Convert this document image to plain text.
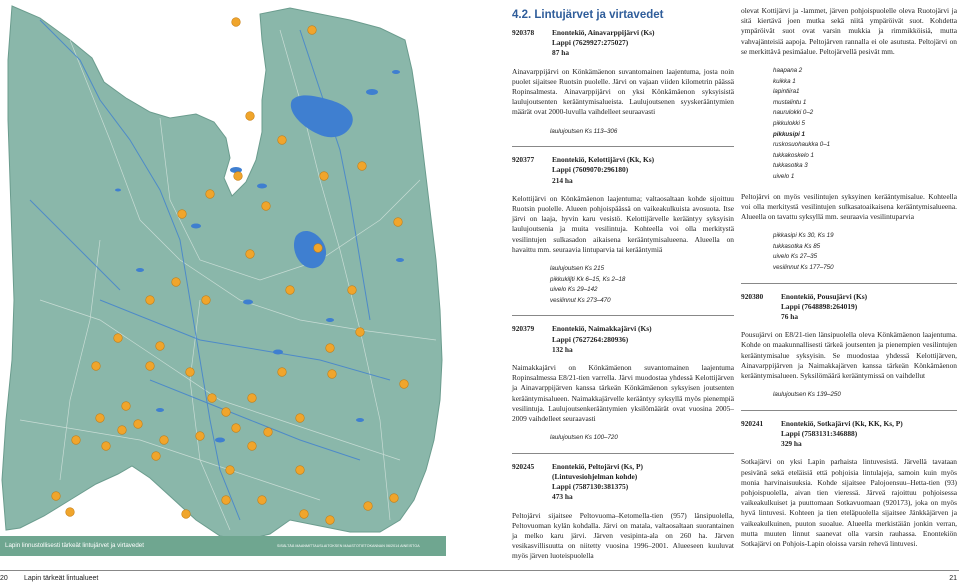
Lapin linnustollisesti tärkeät lintujärvet ja virtavedet	SISÄLTÄÄ MAANMITTAUSLAITOKSEN MAASTOTIETOKANNAN 06/2014 AINEISTOA
4.2. Lintujärvet ja virtavedet
920378	Enontekiö, Ainavarppijärvi (Ks)
Lappi (7629927:275027)
87 ha

Ainavarppijärvi on Könkämäenon suvantomainen laajentuma, josta noin puolet sijaitsee Ruotsin puolelle. Järvi on vajaan viiden kilometrin päässä Ropinsalmesta. Ainavarppijärvi on yksi Könkämäenon syksyisistä laulujoutsenten kerääntymisalueista. Laulujoutsenen syyskerääntymien määrät ovat 2000-luvulla vaihdelleet seuraavasti

laulujoutsen Ks 113–306
920377	Enontekiö, Kelottijärvi (Kk, Ks)
Lappi (7609070:296180)
214 ha

Kelottijärvi on Könkämäenon laajentuma; valtaosaltaan kohde sijoittuu Ruotsin puolelle. Alueen pohjoispäässä on vaikeakulkuista avosuota. Itse järvi on laaja, hyvin karu vesistö. Kelottijärvelle kerääntyy syksyisin laulujoutsenia ja muita vesilintuja. Kohteella voi olla merkitystä vesilintujen sulkasadon aikaisena kerääntymisalueena. Alueella on havaittu mm. seuraavia lintuparvia tai kerääntymiä

laulujoutsen Ks 215
pikkukiljti Kk 6–15, Ks 2–18
uivelo Ks 29–142
vesilinnut Ks 273–470
920379	Enontekiö, Naimakkajärvi (Ks)
Lappi (7627264:280936)
132 ha

Naimakkajärvi on Könkämäenon suvantomainen laajentuma Ropinsalmessa E8/21-tien varrella. Järvi muodostaa yhdessä Kelottijärven ja Ainavarppijärven kanssa tärkeän Könkämäenon syksyisen joutsenten kerääntymisalueen. Naimakkajärvelle kerääntyy syksyllä myös pienempiä vesilintuja. Laulujoutsenkerääntymien yksilömäärät ovat vuosina 2005–2009 vaihdelleet seuraavasti

laulujoutsen Ks 100–720
920245	Enontekiö, Peltojärvi (Ks, P)
(Lintuvesiohjelman kohde)
Lappi (7587130:381375)
473 ha

Peltojärvi sijaitsee Peltovuoma–Ketomella-tien (957) länsipuolella, Peltovuoman kylän kohdalla. Järvi on matala, valtaosaltaan suorantainen ja melko karu järvi. Järven vesipinta-ala on 260 ha. Järven vesikasvillisuutta on niitetty vuosina 1996–2001. Alueeseen kuuluvat myös järven luoteispuolella

olevat Kottijärvi ja -lammet, järven pohjoispuolelle oleva Ruotojärvi ja sitä kiertävä joen mutka sekä niitä ympäröivät suot. Kohdetta ympäröivät suot ovat varsin mukkia ja rimmikköisiä, mutta vahvajänteisiä aapoja. Peltojärven rannalla ei ole asutusta. Peltojärvi on se merkittävä pesimäalue. Peltojärvellä pesivät mm.

haapana 2
kuikka 1
lapintiira1
mustalintu 1
naurulokki 0–2
pikkulokki 5
pikkusipi 1
ruskosuohaukka 0–1
tukkakoskelo 1
tukkasotka 3
uivelo 1

Peltojärvi on myös vesilintujen syksyinen kerääntymisalue. Kohteella voi olla merkitystä vesilintujen sulkasatoaikaisena kerääntymisalueena. Alueella on tavattu syksyllä mm. seuraavia vesilintuparvia

pikkasipi Ks 30, Ks 19
tukkasotka Ks 85
uivelo Ks 27–35
vesilinnut Ks 177–750
920380	Enontekiö, Pousujärvi (Ks)
Lappi (7648898:264019)
76 ha

Pousujärvi on E8/21-tien länsipuolella oleva Könkämäenon laajentuma. Kohde on maakunnallisesti tärkeä joutsenten ja pienempien vesilintujen kerääntymisalue syksyisin. Se muodostaa yhdessä Kelottijärven, Ainavarppijärven ja Naimakkajärven kanssa tärkeän Könkämäenon kerääntymisalueen. Syksilömäärä kerääntymissä on vaihdellut

laulujoutsen Ks 139–250
920241	Enontekiö, Sotkajärvi (Kk, KK, Ks, P)
Lappi (7583131:346888)
329 ha

Sotkajärvi on yksi Lapin parhaista lintuvesistä. Järvellä tavataan pesivänä sekä eteläisiä että pohjoisia lintulajeja, samoin kuin myös monia harvinaisuuksia. Kohde sijaitsee Palojoensuu–Hetta-tien (93) pohjoispuolella, aivan tien vieressä. Järveä rajoittuu pohjoisessa vaikeakulkuiset ja puuttomaan Sotkavuomaan (920173), joka on myös hyvä lintuvesi. Kohteen ja tien eteläpuolella sijaitsee Jänkkäjärven ja vaikeakulkuinen, puuton suoalue. Alueella merkistäiän jonkin verran, mutta muuten linnut saanevat olla varsin rauhassa. Enontekiön Sotkajärvi on Pohjois-Lapin oloissa varsin rehevä lintuvesi.

20 Lapin tärkeät lintualueet	21
